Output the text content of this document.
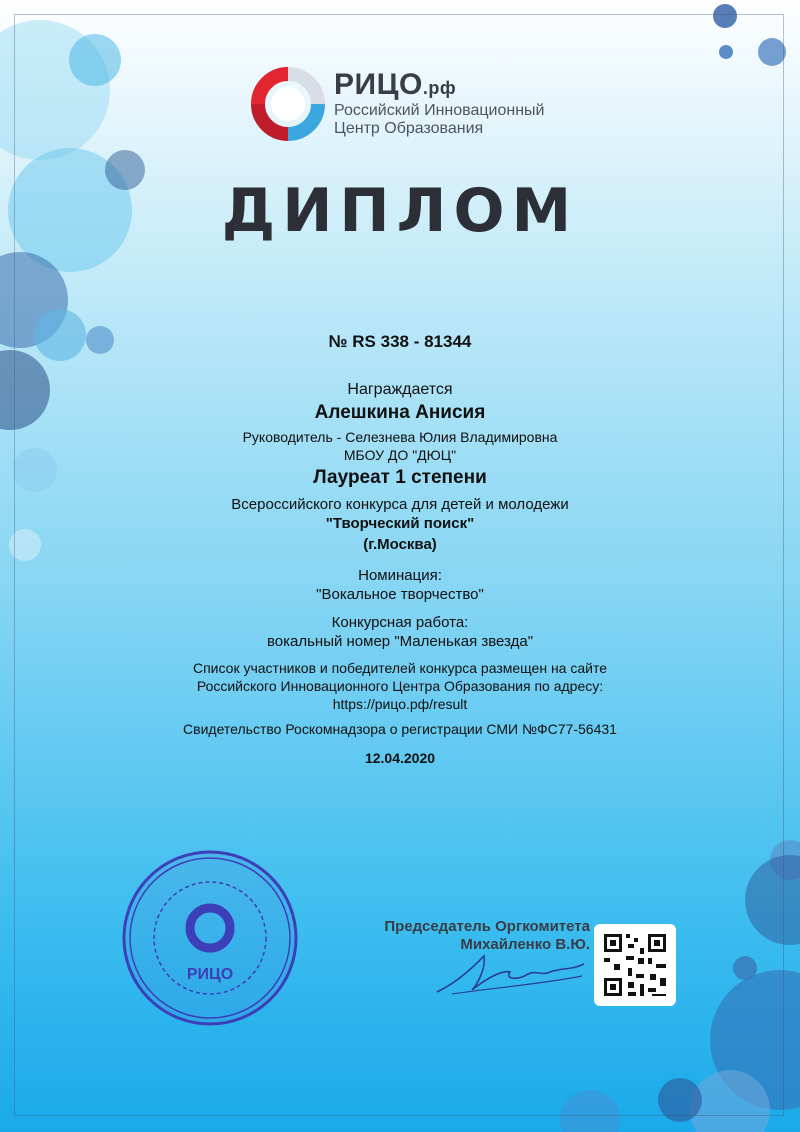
РИЦО.рф
Российский Инновационный
Центр Образования
ДИПЛОМ
№ RS 338 - 81344
Награждается
Алешкина Анисия
Руководитель - Селезнева Юлия Владимировна
МБОУ ДО "ДЮЦ"
Лауреат 1 степени
Всероссийского конкурса для детей и молодежи
"Творческий поиск"
(г.Москва)
Номинация:
"Вокальное творчество"
Конкурсная работа:
вокальный номер "Маленькая звезда"
Список участников и победителей конкурса размещен на сайте
Российского Инновационного Центра Образования по адресу:
https://рицо.рф/result
Свидетельство Роскомнадзора о регистрации СМИ №ФС77-56431
12.04.2020
РИЦО
Председатель Оргкомитета
Михайленко В.Ю.
